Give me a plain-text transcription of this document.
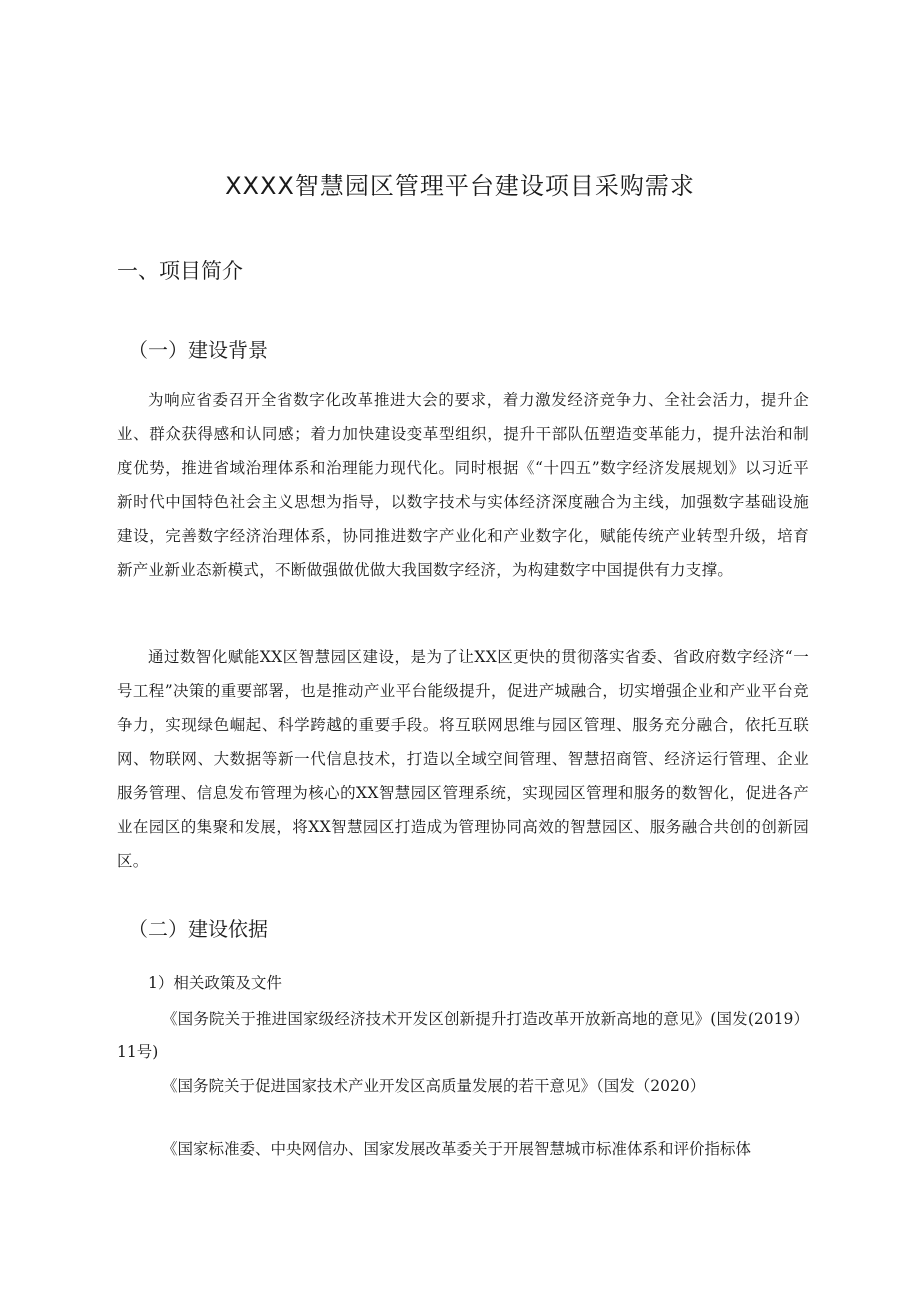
XXXX智慧园区管理平台建设项目采购需求
一、项目简介
（一）建设背景

为响应省委召开全省数字化改革推进大会的要求，着力激发经济竞争力、全社会活力，提升企业、群众获得感和认同感；着力加快建设变革型组织，提升干部队伍塑造变革能力，提升法治和制度优势，推进省域治理体系和治理能力现代化。同时根据《“十四五”数字经济发展规划》以习近平新时代中国特色社会主义思想为指导，以数字技术与实体经济深度融合为主线，加强数字基础设施建设，完善数字经济治理体系，协同推进数字产业化和产业数字化，赋能传统产业转型升级，培育新产业新业态新模式，不断做强做优做大我国数字经济，为构建数字中国提供有力支撑。

通过数智化赋能XX区智慧园区建设，是为了让XX区更快的贯彻落实省委、省政府数字经济“一号工程”决策的重要部署，也是推动产业平台能级提升，促进产城融合，切实增强企业和产业平台竞争力，实现绿色崛起、科学跨越的重要手段。将互联网思维与园区管理、服务充分融合，依托互联网、物联网、大数据等新一代信息技术，打造以全域空间管理、智慧招商管、经济运行管理、企业服务管理、信息发布管理为核心的XX智慧园区管理系统，实现园区管理和服务的数智化，促进各产业在园区的集聚和发展，将XX智慧园区打造成为管理协同高效的智慧园区、服务融合共创的创新园区。

（二）建设依据

1）相关政策及文件

《国务院关于推进国家级经济技术开发区创新提升打造改革开放新高地的意见》(国发(2019）11号)

《国务院关于促进国家技术产业开发区高质量发展的若干意见》（国发（2020）

《国家标准委、中央网信办、国家发展改革委关于开展智慧城市标准体系和评价指标体
